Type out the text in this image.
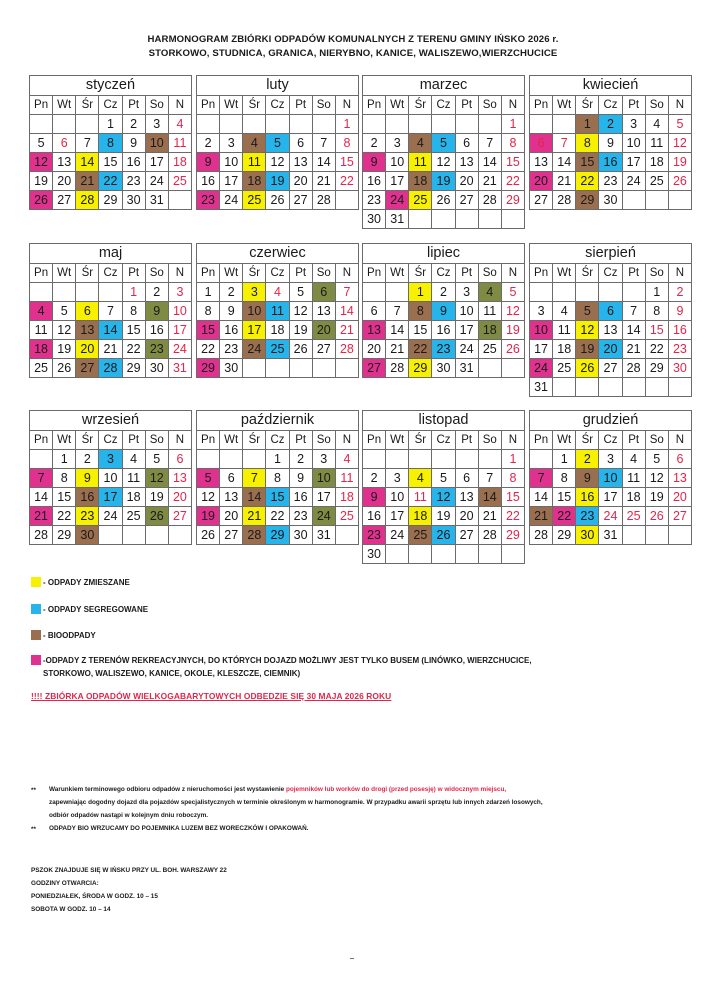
HARMONOGRAM ZBIÓRKI ODPADÓW KOMUNALNYCH Z TERENU GMINY IŃSKO 2026 r.
STORKOWO, STUDNICA, GRANICA, NIERYBNO, KANICE, WALISZEWO,WIERZCHUCICE
styczeń						
Pn	Wt	Śr	Cz	Pt	So	N
			1	2	3	4
5	6	7	8	9	10	11
12	13	14	15	16	17	18
19	20	21	22	23	24	25
26	27	28	29	30	31	
luty						
Pn	Wt	Śr	Cz	Pt	So	N
						1
2	3	4	5	6	7	8
9	10	11	12	13	14	15
16	17	18	19	20	21	22
23	24	25	26	27	28	
marzec						
Pn	Wt	Śr	Cz	Pt	So	N
						1
2	3	4	5	6	7	8
9	10	11	12	13	14	15
16	17	18	19	20	21	22
23	24	25	26	27	28	29
30	31					
kwiecień						
Pn	Wt	Śr	Cz	Pt	So	N
		1	2	3	4	5
6	7	8	9	10	11	12
13	14	15	16	17	18	19
20	21	22	23	24	25	26
27	28	29	30			
maj						
Pn	Wt	Śr	Cz	Pt	So	N
				1	2	3
4	5	6	7	8	9	10
11	12	13	14	15	16	17
18	19	20	21	22	23	24
25	26	27	28	29	30	31
czerwiec						
Pn	Wt	Śr	Cz	Pt	So	N
1	2	3	4	5	6	7
8	9	10	11	12	13	14
15	16	17	18	19	20	21
22	23	24	25	26	27	28
29	30					
lipiec						
Pn	Wt	Śr	Cz	Pt	So	N
		1	2	3	4	5
6	7	8	9	10	11	12
13	14	15	16	17	18	19
20	21	22	23	24	25	26
27	28	29	30	31		
sierpień						
Pn	Wt	Śr	Cz	Pt	So	N
					1	2
3	4	5	6	7	8	9
10	11	12	13	14	15	16
17	18	19	20	21	22	23
24	25	26	27	28	29	30
31						
wrzesień						
Pn	Wt	Śr	Cz	Pt	So	N
	1	2	3	4	5	6
7	8	9	10	11	12	13
14	15	16	17	18	19	20
21	22	23	24	25	26	27
28	29	30				
październik						
Pn	Wt	Śr	Cz	Pt	So	N
			1	2	3	4
5	6	7	8	9	10	11
12	13	14	15	16	17	18
19	20	21	22	23	24	25
26	27	28	29	30	31	
listopad						
Pn	Wt	Śr	Cz	Pt	So	N
						1
2	3	4	5	6	7	8
9	10	11	12	13	14	15
16	17	18	19	20	21	22
23	24	25	26	27	28	29
30						
grudzień						
Pn	Wt	Śr	Cz	Pt	So	N
	1	2	3	4	5	6
7	8	9	10	11	12	13
14	15	16	17	18	19	20
21	22	23	24	25	26	27
28	29	30	31			
- ODPADY ZMIESZANE
- ODPADY SEGREGOWANE
- BIOODPADY
-ODPADY Z TERENÓW REKREACYJNYCH, DO KTÓRYCH DOJAZD MOŻLIWY JEST TYLKO BUSEM (LINÓWKO, WIERZCHUCICE, STORKOWO, WALISZEWO, KANICE, OKOLE, KLESZCZE, CIEMNIK)
!!!! ZBIÓRKA ODPADÓW WIELKOGABARYTOWYCH ODBEDZIE SIĘ 30 MAJA 2026 ROKU
** Warunkiem terminowego odbioru odpadów z nieruchomości jest wystawienie pojemników lub worków do drogi (przed posesję) w widocznym miejscu,
zapewniając dogodny dojazd dla pojazdów specjalistycznych w terminie określonym w harmonogramie. W przypadku awarii sprzętu lub innych zdarzeń losowych,
odbiór odpadów nastąpi w kolejnym dniu roboczym.
** ODPADY BIO WRZUCAMY DO POJEMNIKA LUZEM BEZ WORECZKÓW I OPAKOWAŃ.
PSZOK ZNAJDUJE SIĘ W IŃSKU PRZY UL. BOH. WARSZAWY 22
GODZINY OTWARCIA:
PONIEDZIAŁEK, ŚRODA W GODZ. 10 – 15
SOBOTA W GODZ. 10 – 14
